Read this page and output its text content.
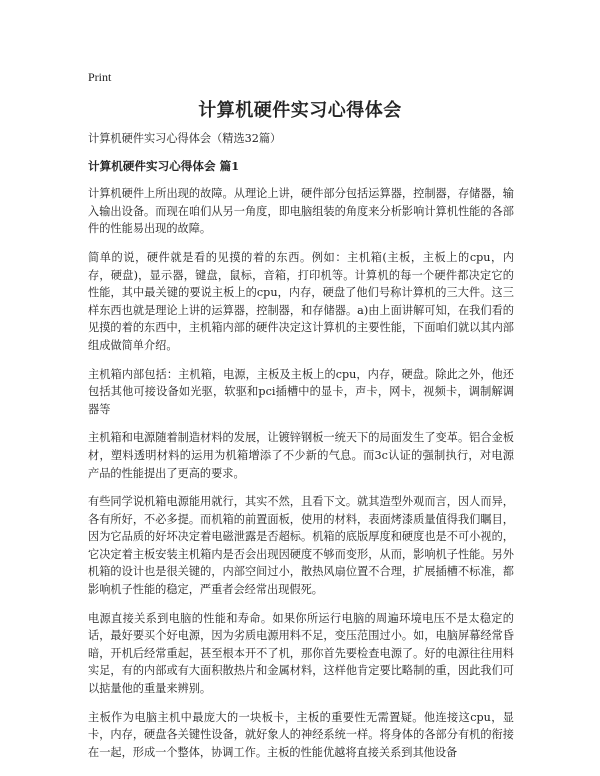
Print
计算机硬件实习心得体会

计算机硬件实习心得体会（精选32篇）

计算机硬件实习心得体会 篇1

计算机硬件上所出现的故障。从理论上讲，硬件部分包括运算器，控制器，存储器，输入输出设备。而现在咱们从另一角度，即电脑组装的角度来分析影响计算机性能的各部件的性能易出现的故障。

简单的说，硬件就是看的见摸的着的东西。例如：主机箱(主板，主板上的cpu，内存，硬盘)，显示器，键盘，鼠标，音箱，打印机等。计算机的每一个硬件都决定它的性能，其中最关键的要说主板上的cpu，内存，硬盘了他们号称计算机的三大件。这三样东西也就是理论上讲的运算器，控制器，和存储器。a)由上面讲解可知，在我们看的见摸的着的东西中，主机箱内部的硬件决定这计算机的主要性能，下面咱们就以其内部组成做简单介绍。

主机箱内部包括：主机箱，电源，主板及主板上的cpu，内存，硬盘。除此之外，他还包括其他可接设备如光驱，软驱和pci插槽中的显卡，声卡，网卡，视频卡，调制解调器等

主机箱和电源随着制造材料的发展，让镀锌钢板一统天下的局面发生了变革。铝合金板材，塑料透明材料的运用为机箱增添了不少新的气息。而3c认证的强制执行，对电源产品的性能提出了更高的要求。

有些同学说机箱电源能用就行，其实不然，且看下文。就其造型外观而言，因人而异，各有所好，不必多提。而机箱的前置面板，使用的材料，表面烤漆质量值得我们瞩目，因为它品质的好坏决定着电磁泄露是否超标。机箱的底版厚度和硬度也是不可小视的，它决定着主板安装主机箱内是否会出现因硬度不够而变形，从而，影响机子性能。另外机箱的设计也是很关键的，内部空间过小，散热风扇位置不合理，扩展插槽不标准，都影响机子性能的稳定，严重者会经常出现假死。

电源直接关系到电脑的性能和寿命。如果你所运行电脑的周遍环境电压不是太稳定的话，最好要买个好电源，因为劣质电源用料不足，变压范围过小。如，电脑屏幕经常昏暗，开机后经常重起，甚至根本开不了机，那你首先要检查电源了。好的电源往往用料实足，有的内部或有大面积散热片和金属材料，这样他肯定要比略制的重，因此我们可以掂量他的重量来辨别。

主板作为电脑主机中最庞大的一块板卡，主板的重要性无需置疑。他连接这cpu，显卡，内存，硬盘各关键性设备，就好象人的神经系统一样。将身体的各部分有机的衔接在一起，形成一个整体，协调工作。主板的性能优越将直接关系到其他设备
